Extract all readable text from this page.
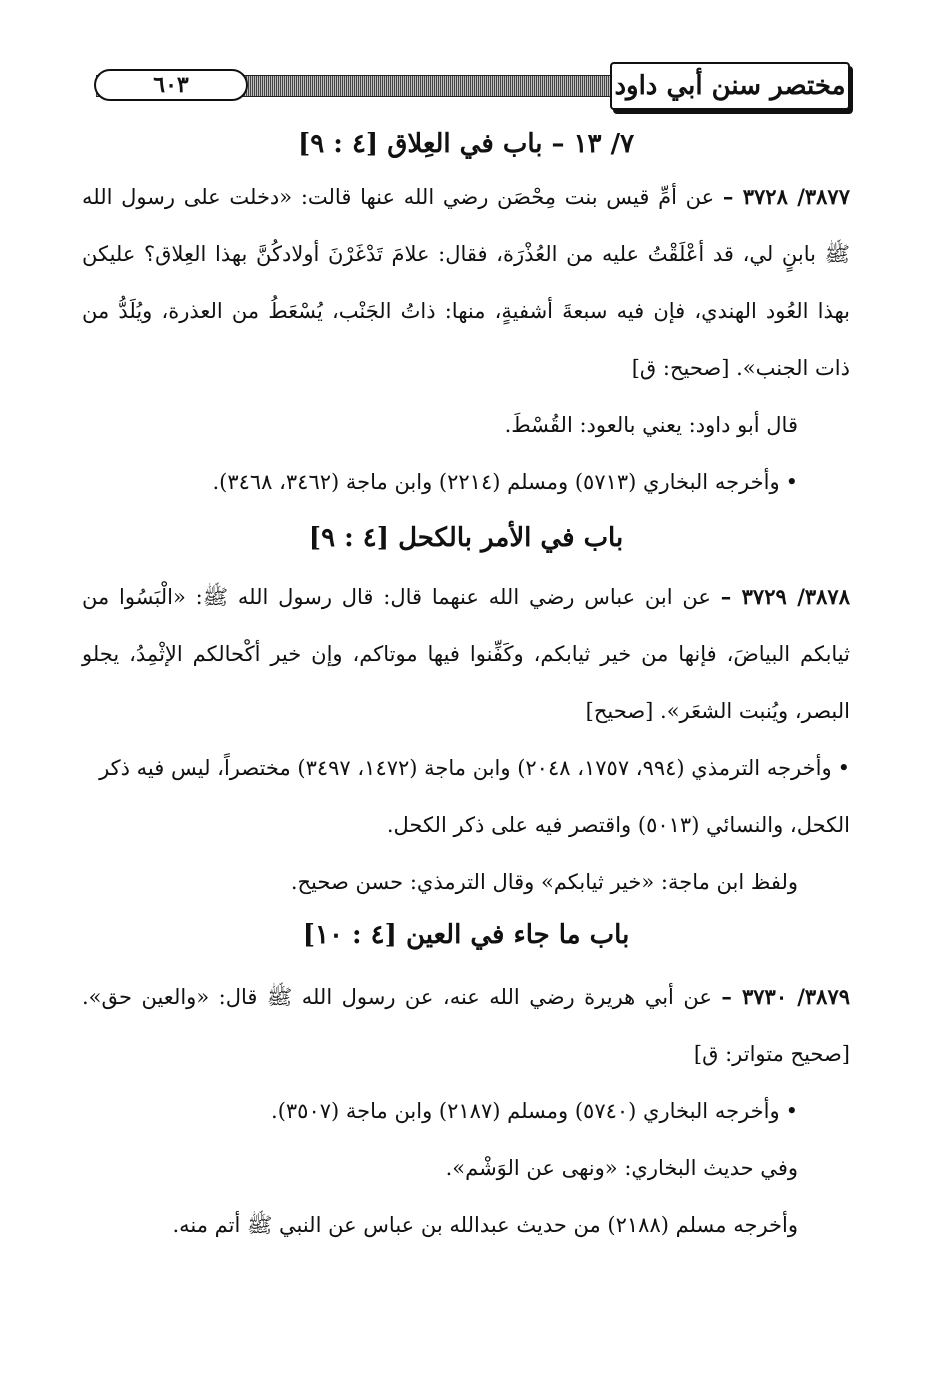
٦٠٣	مختصر سنن أبي داود
٧/ ١٣ – باب في العِلاق [٤ : ٩]

٣٨٧٧/ ٣٧٢٨ – عن أمِّ قيس بنت مِحْصَن رضي الله عنها قالت: «دخلت على رسول الله ﷺ بابنٍ لي، قد أعْلَقْتُ عليه من العُذْرَة، فقال: علامَ تَدْغَرْنَ أولادكُنَّ بهذا العِلاق؟ عليكن بهذا العُود الهندي، فإن فيه سبعةَ أشفيةٍ، منها: ذاتُ الجَنْب، يُسْعَطُ من العذرة، ويُلَدُّ من ذات الجنب». [صحيح: ق]

قال أبو داود: يعني بالعود: القُسْطَ.

•وأخرجه البخاري (٥٧١٣) ومسلم (٢٢١٤) وابن ماجة (٣٤٦٢، ٣٤٦٨).

باب في الأمر بالكحل [٤ : ٩]

٣٨٧٨/ ٣٧٢٩ – عن ابن عباس رضي الله عنهما قال: قال رسول الله ﷺ: «الْبَسُوا من ثيابكم البياضَ، فإنها من خير ثيابكم، وكَفِّنوا فيها موتاكم، وإن خير أكْحالكم الإثْمِدُ، يجلو البصر، ويُنبت الشعَر». [صحيح]

•وأخرجه الترمذي (٩٩٤، ١٧٥٧، ٢٠٤٨) وابن ماجة (١٤٧٢، ٣٤٩٧) مختصراً، ليس فيه ذكر الكحل، والنسائي (٥٠١٣) واقتصر فيه على ذكر الكحل.

ولفظ ابن ماجة: «خير ثيابكم» وقال الترمذي: حسن صحيح.

باب ما جاء في العين [٤ : ١٠]

٣٨٧٩/ ٣٧٣٠ – عن أبي هريرة رضي الله عنه، عن رسول الله ﷺ قال: «والعين حق». [صحيح متواتر: ق]

•وأخرجه البخاري (٥٧٤٠) ومسلم (٢١٨٧) وابن ماجة (٣٥٠٧).

وفي حديث البخاري: «ونهى عن الوَشْم».

وأخرجه مسلم (٢١٨٨) من حديث عبدالله بن عباس عن النبي ﷺ أتم منه.
